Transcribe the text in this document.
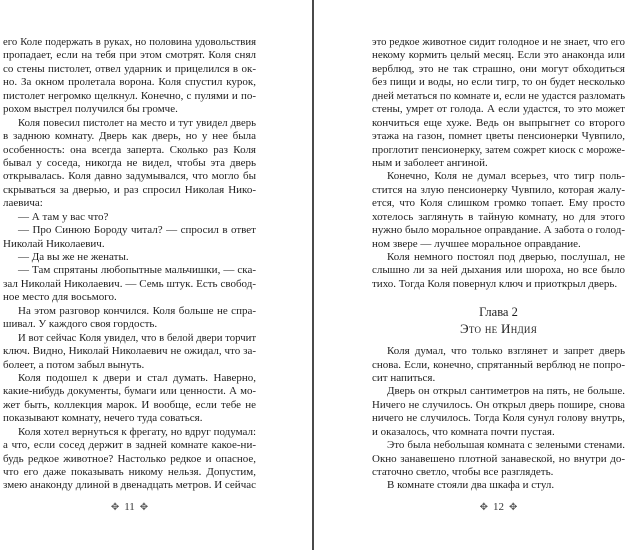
его Коле подержать в руках, но половина удовольствия
пропадает, если на тебя при этом смотрят. Коля снял
со стены пистолет, отвел ударник и прицелился в ок-
но. За окном пролетала ворона. Коля спустил курок,
пистолет негромко щелкнул. Конечно, с пулями и по-
рохом выстрел получился бы громче.
Коля повесил пистолет на место и тут увидел дверь
в заднюю комнату. Дверь как дверь, но у нее была
особенность: она всегда заперта. Сколько раз Коля
бывал у соседа, никогда не видел, чтобы эта дверь
открывалась. Коля давно задумывался, что могло бы
скрываться за дверью, и раз спросил Николая Нико-
лаевича:
— А там у вас что?
— Про Синюю Бороду читал? — спросил в ответ
Николай Николаевич.
— Да вы же не женаты.
— Там спрятаны любопытные мальчишки, — ска-
зал Николай Николаевич. — Семь штук. Есть свобод-
ное место для восьмого.
На этом разговор кончился. Коля больше не спра-
шивал. У каждого своя гордость.
И вот сейчас Коля увидел, что в белой двери торчит
ключ. Видно, Николай Николаевич не ожидал, что за-
болеет, а потом забыл вынуть.
Коля подошел к двери и стал думать. Наверно,
какие-нибудь документы, бумаги или ценности. А мо-
жет быть, коллекция марок. И вообще, если тебе не
показывают комнату, нечего туда соваться.
Коля хотел вернуться к фрегату, но вдруг подумал:
а что, если сосед держит в задней комнате какое-ни-
будь редкое животное? Настолько редкое и опасное,
что его даже показывать никому нельзя. Допустим,
змею анаконду длиной в двенадцать метров. И сейчас
это редкое животное сидит голодное и не знает, что его
некому кормить целый месяц. Если это анаконда или
верблюд, это не так страшно, они могут обходиться
без пищи и воды, но если тигр, то он будет несколько
дней метаться по комнате и, если не удастся разломать
стены, умрет от голода. А если удастся, то это может
кончиться еще хуже. Ведь он выпрыгнет со второго
этажа на газон, помнет цветы пенсионерки Чувпило,
проглотит пенсионерку, затем сожрет киоск с мороже-
ным и заболеет ангиной.
Конечно, Коля не думал всерьез, что тигр поль-
стится на злую пенсионерку Чувпило, которая жалу-
ется, что Коля слишком громко топает. Ему просто
хотелось заглянуть в тайную комнату, но для этого
нужно было моральное оправдание. А забота о голод-
ном звере — лучшее моральное оправдание.
Коля немного постоял под дверью, послушал, не
слышно ли за ней дыхания или шороха, но все было
тихо. Тогда Коля повернул ключ и приоткрыл дверь.
Глава 2
Это не Индия
Коля думал, что только взглянет и запрет дверь
снова. Если, конечно, спрятанный верблюд не попро-
сит напиться.
Дверь он открыл сантиметров на пять, не больше.
Ничего не случилось. Он открыл дверь пошире, снова
ничего не случилось. Тогда Коля сунул голову внутрь,
и оказалось, что комната почти пустая.
Это была небольшая комната с зелеными стенами.
Окно занавешено плотной занавеской, но внутри до-
статочно светло, чтобы все разглядеть.
В комнате стояли два шкафа и стул.
✥ 11 ✥	✥ 12 ✥
